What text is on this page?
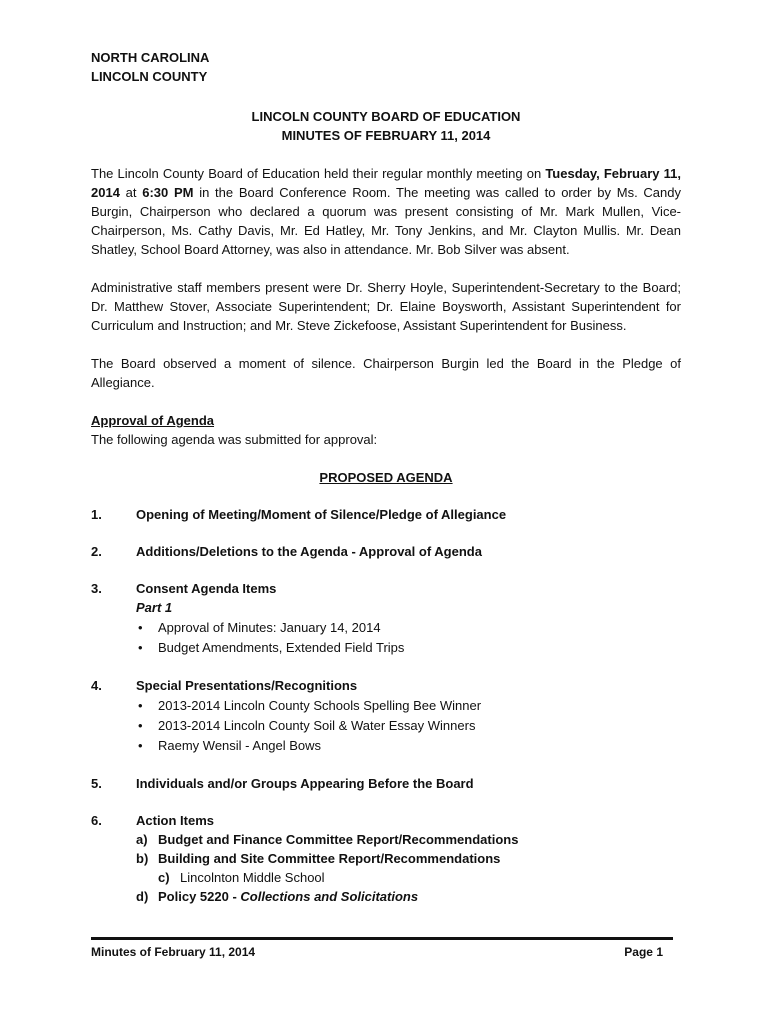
NORTH CAROLINA
LINCOLN COUNTY
LINCOLN COUNTY BOARD OF EDUCATION
MINUTES OF FEBRUARY 11, 2014
The Lincoln County Board of Education held their regular monthly meeting on Tuesday, February 11, 2014 at 6:30 PM in the Board Conference Room. The meeting was called to order by Ms. Candy Burgin, Chairperson who declared a quorum was present consisting of Mr. Mark Mullen, Vice-Chairperson, Ms. Cathy Davis, Mr. Ed Hatley, Mr. Tony Jenkins, and Mr. Clayton Mullis. Mr. Dean Shatley, School Board Attorney, was also in attendance. Mr. Bob Silver was absent.
Administrative staff members present were Dr. Sherry Hoyle, Superintendent-Secretary to the Board; Dr. Matthew Stover, Associate Superintendent; Dr. Elaine Boysworth, Assistant Superintendent for Curriculum and Instruction; and Mr. Steve Zickefoose, Assistant Superintendent for Business.
The Board observed a moment of silence. Chairperson Burgin led the Board in the Pledge of Allegiance.
Approval of Agenda
The following agenda was submitted for approval:
PROPOSED AGENDA
1.	Opening of Meeting/Moment of Silence/Pledge of Allegiance
2.	Additions/Deletions to the Agenda - Approval of Agenda
3.	Consent Agenda Items
Part 1
• Approval of Minutes: January 14, 2014
• Budget Amendments, Extended Field Trips
4.	Special Presentations/Recognitions
• 2013-2014 Lincoln County Schools Spelling Bee Winner
• 2013-2014 Lincoln County Soil & Water Essay Winners
• Raemy Wensil - Angel Bows
5.	Individuals and/or Groups Appearing Before the Board
6.	Action Items
a) Budget and Finance Committee Report/Recommendations
b) Building and Site Committee Report/Recommendations
c) Lincolnton Middle School
d) Policy 5220 - Collections and Solicitations
Minutes of February 11, 2014	Page 1
